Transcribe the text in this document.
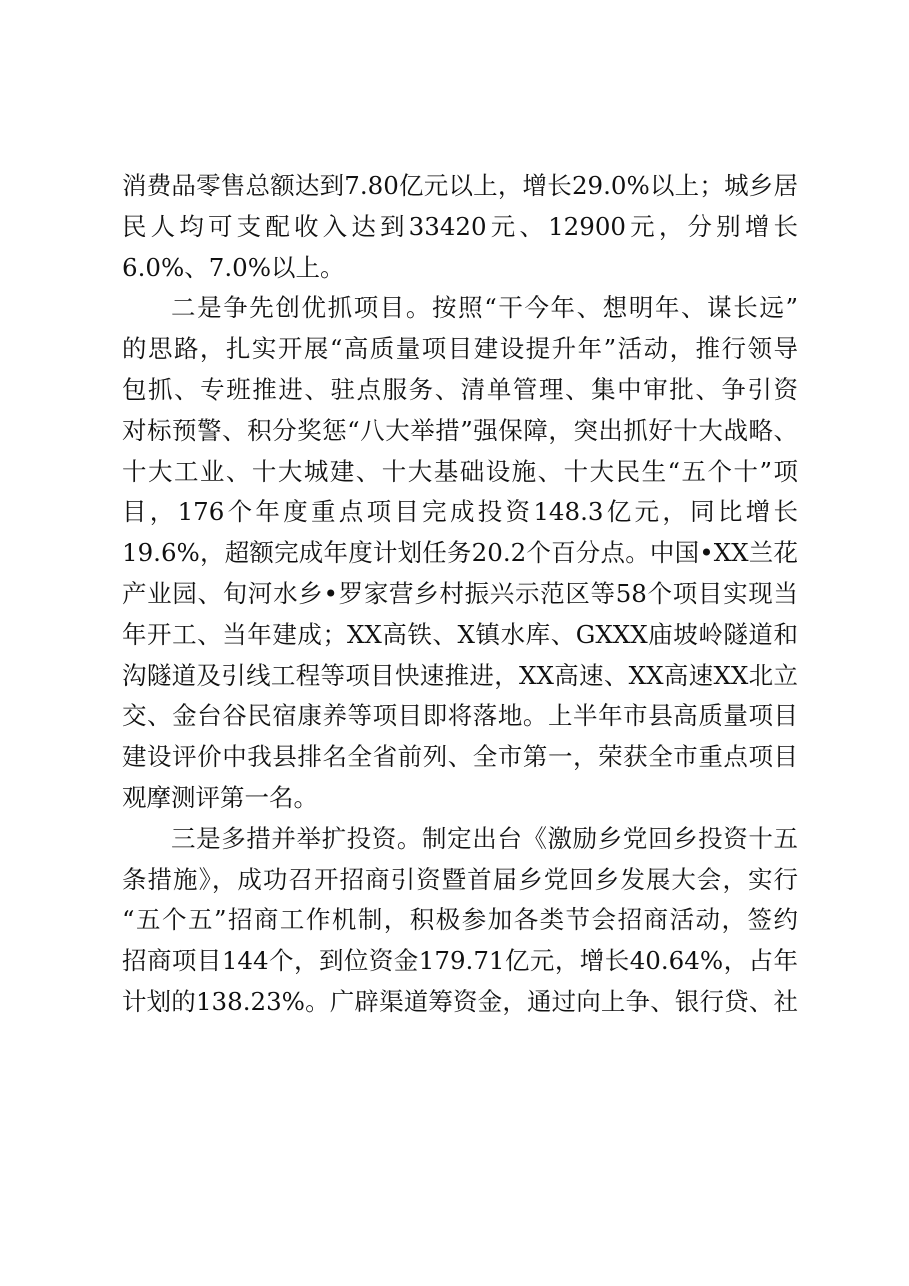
消费品零售总额达到7.80亿元以上，增长29.0%以上；城乡居
民人均可支配收入达到33420元、12900元，分别增长
6.0%、7.0%以上。
二是争先创优抓项目。按照“干今年、想明年、谋长远”
的思路，扎实开展“高质量项目建设提升年”活动，推行领导
包抓、专班推进、驻点服务、清单管理、集中审批、争引资
对标预警、积分奖惩“八大举措”强保障，突出抓好十大战略、
十大工业、十大城建、十大基础设施、十大民生“五个十”项
目，176个年度重点项目完成投资148.3亿元，同比增长
19.6%，超额完成年度计划任务20.2个百分点。中国•XX兰花
产业园、旬河水乡•罗家营乡村振兴示范区等58个项目实现当
年开工、当年建成；XX高铁、X镇水库、GXXX庙坡岭隧道和
沟隧道及引线工程等项目快速推进，XX高速、XX高速XX北立
交、金台谷民宿康养等项目即将落地。上半年市县高质量项目
建设评价中我县排名全省前列、全市第一，荣获全市重点项目
观摩测评第一名。
三是多措并举扩投资。制定出台《激励乡党回乡投资十五
条措施》，成功召开招商引资暨首届乡党回乡发展大会，实行
“五个五”招商工作机制，积极参加各类节会招商活动，签约
招商项目144个，到位资金179.71亿元，增长40.64%，占年
计划的138.23%。广辟渠道筹资金，通过向上争、银行贷、社
